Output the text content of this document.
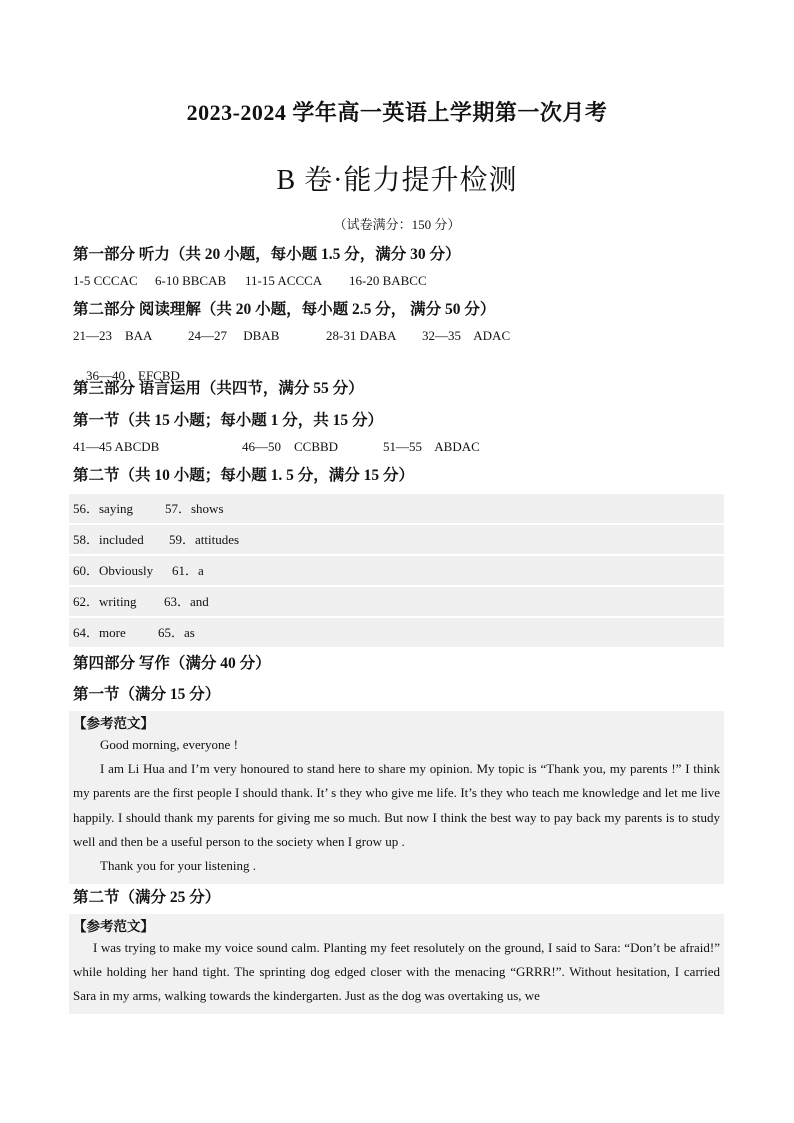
2023-2024 学年高一英语上学期第一次月考
B 卷·能力提升检测
（试卷满分：150 分）
第一部分 听力（共 20 小题，每小题 1.5 分，满分 30 分）
1-5 CCCAC 6-10 BBCAB 11-15 ACCCA 16-20 BABCC
第二部分 阅读理解（共 20 小题，每小题 2.5 分， 满分 50 分）
21—23    BAA	24—27     DBAB	28-31 DABA 32—35    ADAC

36—40    EFCBD

第三部分 语言运用（共四节，满分 55 分）
第一节（共 15 小题；每小题 1 分，共 15 分）
41—45 ABCDB	46—50    CCBBD	51—55    ABDAC
第二节（共 10 小题；每小题 1. 5 分，满分 15 分）
56．saying 57．shows
58．included 59．attitudes
60．Obviously 61．a
62．writing 63．and
64．more 65．as
第四部分 写作（满分 40 分）
第一节（满分 15 分）

【参考范文】

Good morning, everyone !

I am Li Hua and I’m very honoured to stand here to share my opinion. My topic is “Thank you, my parents !” I think my parents are the first people I should thank. It’ s they who give me life. It’s they who teach me knowledge and let me live happily. I should thank my parents for giving me so much. But now I think the best way to pay back my parents is to study well and then be a useful person to the society when I grow up .

Thank you for your listening .

第二节（满分 25 分）

【参考范文】

I was trying to make my voice sound calm. Planting my feet resolutely on the ground, I said to Sara: “Don’t be afraid!” while holding her hand tight. The sprinting dog edged closer with the menacing “GRRR!”. Without hesitation, I carried Sara in my arms, walking towards the kindergarten. Just as the dog was overtaking us, we
